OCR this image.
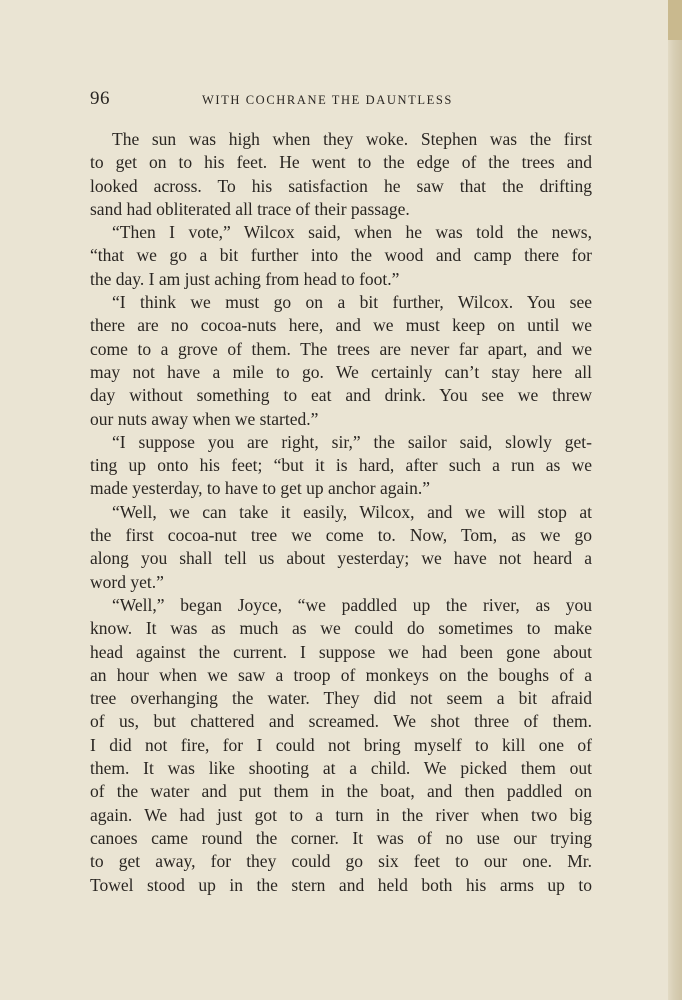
96	WITH COCHRANE THE DAUNTLESS
The sun was high when they woke. Stephen was the first
to get on to his feet. He went to the edge of the trees and
looked across. To his satisfaction he saw that the drifting
sand had obliterated all trace of their passage.
“Then I vote,” Wilcox said, when he was told the news,
“that we go a bit further into the wood and camp there for
the day. I am just aching from head to foot.”
“I think we must go on a bit further, Wilcox. You see
there are no cocoa-nuts here, and we must keep on until we
come to a grove of them. The trees are never far apart, and we
may not have a mile to go. We certainly can’t stay here all
day without something to eat and drink. You see we threw
our nuts away when we started.”
“I suppose you are right, sir,” the sailor said, slowly get-
ting up onto his feet; “but it is hard, after such a run as we
made yesterday, to have to get up anchor again.”
“Well, we can take it easily, Wilcox, and we will stop at
the first cocoa-nut tree we come to. Now, Tom, as we go
along you shall tell us about yesterday; we have not heard a
word yet.”
“Well,” began Joyce, “we paddled up the river, as you
know. It was as much as we could do sometimes to make
head against the current. I suppose we had been gone about
an hour when we saw a troop of monkeys on the boughs of a
tree overhanging the water. They did not seem a bit afraid
of us, but chattered and screamed. We shot three of them.
I did not fire, for I could not bring myself to kill one of
them. It was like shooting at a child. We picked them out
of the water and put them in the boat, and then paddled on
again. We had just got to a turn in the river when two big
canoes came round the corner. It was of no use our trying
to get away, for they could go six feet to our one. Mr.
Towel stood up in the stern and held both his arms up to
